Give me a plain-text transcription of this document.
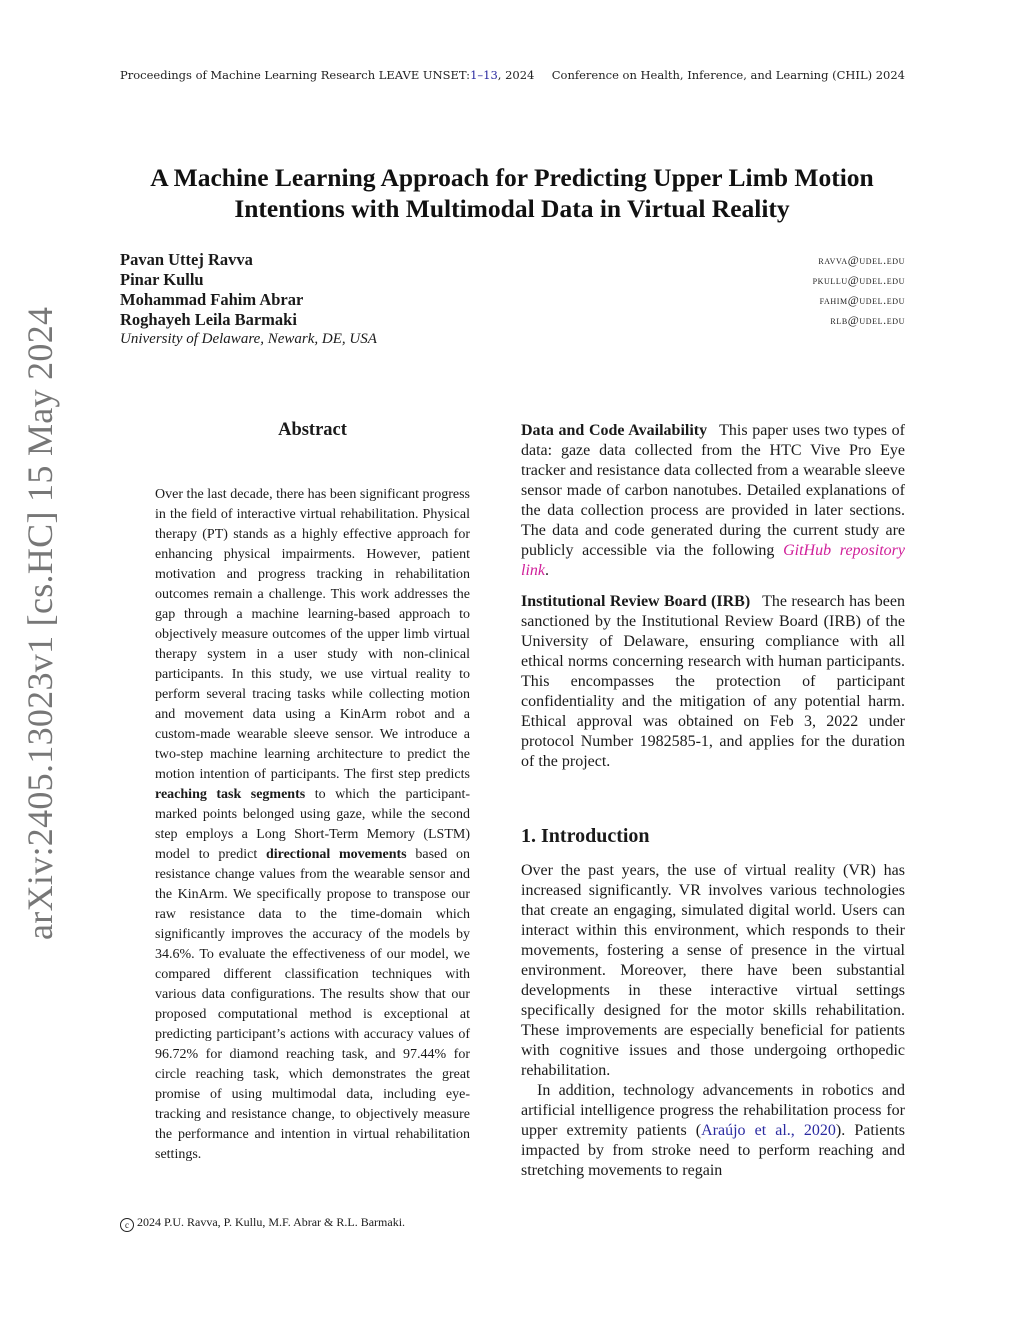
Proceedings of Machine Learning Research LEAVE UNSET:1–13, 2024 Conference on Health, Inference, and Learning (CHIL) 2024
arXiv:2405.13023v1 [cs.HC] 15 May 2024
A Machine Learning Approach for Predicting Upper Limb Motion Intentions with Multimodal Data in Virtual Reality
Pavan Uttej Ravva	ravva@udel.edu
Pinar Kullu	pkullu@udel.edu
Mohammad Fahim Abrar	fahim@udel.edu
Roghayeh Leila Barmaki	rlb@udel.edu
University of Delaware, Newark, DE, USA
Abstract

Over the last decade, there has been significant progress in the field of interactive virtual rehabilitation. Physical therapy (PT) stands as a highly effective approach for enhancing physical impairments. However, patient motivation and progress tracking in rehabilitation outcomes remain a challenge. This work addresses the gap through a machine learning-based approach to objectively measure outcomes of the upper limb virtual therapy system in a user study with non-clinical participants. In this study, we use virtual reality to perform several tracing tasks while collecting motion and movement data using a KinArm robot and a custom-made wearable sleeve sensor. We introduce a two-step machine learning architecture to predict the motion intention of participants. The first step predicts reaching task segments to which the participant-marked points belonged using gaze, while the second step employs a Long Short-Term Memory (LSTM) model to predict directional movements based on resistance change values from the wearable sensor and the KinArm. We specifically propose to transpose our raw resistance data to the time-domain which significantly improves the accuracy of the models by 34.6%. To evaluate the effectiveness of our model, we compared different classification techniques with various data configurations. The results show that our proposed computational method is exceptional at predicting participant’s actions with accuracy values of 96.72% for diamond reaching task, and 97.44% for circle reaching task, which demonstrates the great promise of using multimodal data, including eye-tracking and resistance change, to objectively measure the performance and intention in virtual rehabilitation settings.

Data and Code Availability This paper uses two types of data: gaze data collected from the HTC Vive Pro Eye tracker and resistance data collected from a wearable sleeve sensor made of carbon nanotubes. Detailed explanations of the data collection process are provided in later sections. The data and code generated during the current study are publicly accessible via the following GitHub repository link.

Institutional Review Board (IRB) The research has been sanctioned by the Institutional Review Board (IRB) of the University of Delaware, ensuring compliance with all ethical norms concerning research with human participants. This encompasses the protection of participant confidentiality and the mitigation of any potential harm. Ethical approval was obtained on Feb 3, 2022 under protocol Number 1982585-1, and applies for the duration of the project.

1. Introduction

Over the past years, the use of virtual reality (VR) has increased significantly. VR involves various technologies that create an engaging, simulated digital world. Users can interact within this environment, which responds to their movements, fostering a sense of presence in the virtual environment. Moreover, there have been substantial developments in these interactive virtual settings specifically designed for the motor skills rehabilitation. These improvements are especially beneficial for patients with cognitive issues and those undergoing orthopedic rehabilitation.

In addition, technology advancements in robotics and artificial intelligence progress the rehabilitation process for upper extremity patients (Araújo et al., 2020). Patients impacted by from stroke need to perform reaching and stretching movements to regain

c 2024 P.U. Ravva, P. Kullu, M.F. Abrar & R.L. Barmaki.
